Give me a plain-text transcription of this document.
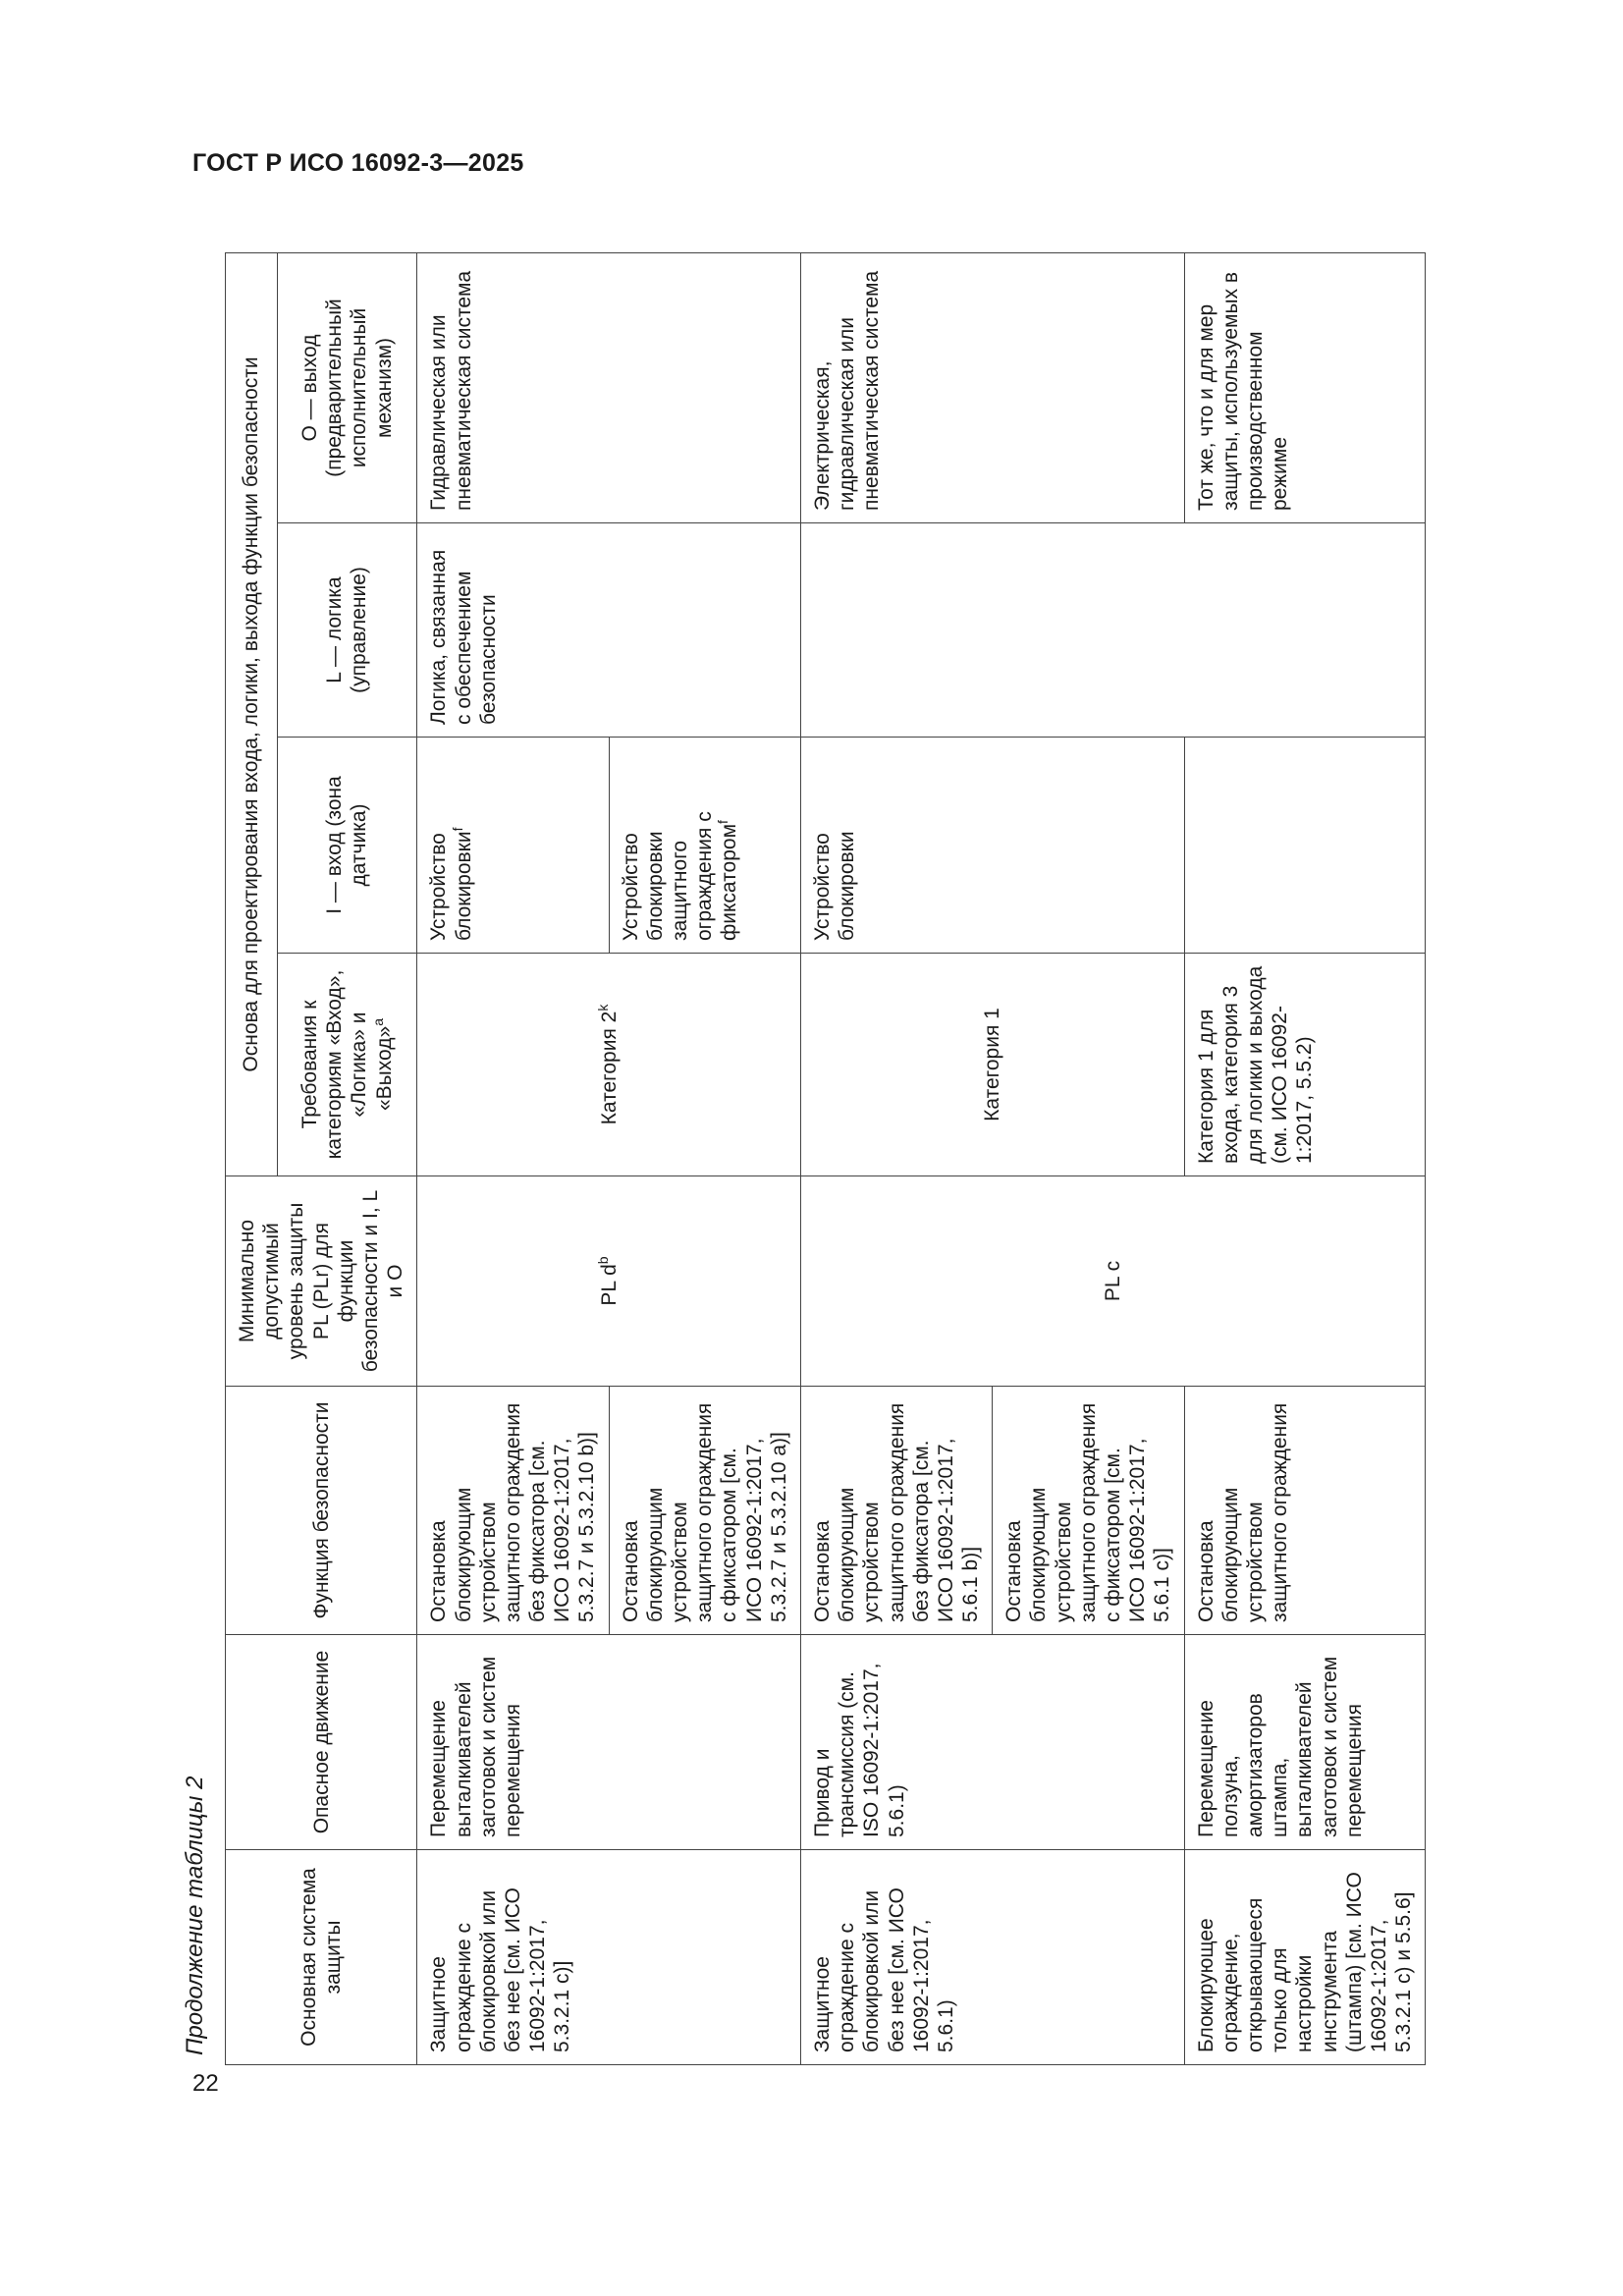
ГОСТ Р ИСО 16092-3—2025
22
Продолжение таблицы 2	Основная система защиты	Опасное движение	Функция безопасности	Минимально допустимый уровень защиты PL (PLr) для функции безопасности и I, L и O	Основа для проектирования входа, логики, выхода функции безопасности			
				Требования к категориям «Вход», «Логика» и «Выход»$^a$	I — вход (зона датчика)	L — логика (управление)	O — выход (предварительный исполнительный механизм)
Защитное ограждение с блокировкой или без нее [см. ИСО 16092-1:2017, 5.3.2.1 c)]	Перемещение выталкивателей заготовок и систем перемещения	Остановка блокирующим устройством защитного ограждения без фиксатора [см. ИСО 16092-1:2017, 5.3.2.7 и 5.3.2.10 b)]	PL $d^b$	Категория 2$^k$	Устройство блокировки$^f$	Логика, связанная с обеспечением безопасности	Гидравлическая или пневматическая система
		Остановка блокирующим устройством защитного ограждения с фиксатором [см. ИСО 16092-1:2017, 5.3.2.7 и 5.3.2.10 a)]			Устройство блокировки защитного ограждения с фиксатором$^f$
Защитное ограждение с блокировкой или без нее [см. ИСО 16092-1:2017, 5.6.1)	Привод и трансмиссия (см. ISO 16092-1:2017, 5.6.1)	Остановка блокирующим устройством защитного ограждения без фиксатора [см. ИСО 16092-1:2017, 5.6.1 b)]	PL c	Категория 1	Устройство блокировки		Электрическая, гидравлическая или пневматическая система
		Остановка блокирующим устройством защитного ограждения с фиксатором [см. ИСО 16092-1:2017, 5.6.1 c)]					
Блокирующее ограждение, открывающееся только для настройки инструмента (штампа) [см. ИСО 16092-1:2017, 5.3.2.1 c) и 5.5.6]	Перемещение ползуна, амортизаторов штампа, выталкивателей заготовок и систем перемещения	Остановка блокирующим устройством защитного ограждения		Категория 1 для входа, категория 3 для логики и выхода (см. ИСО 16092-1:2017, 5.5.2)			Тот же, что и для мер защиты, используемых в производственном режиме
